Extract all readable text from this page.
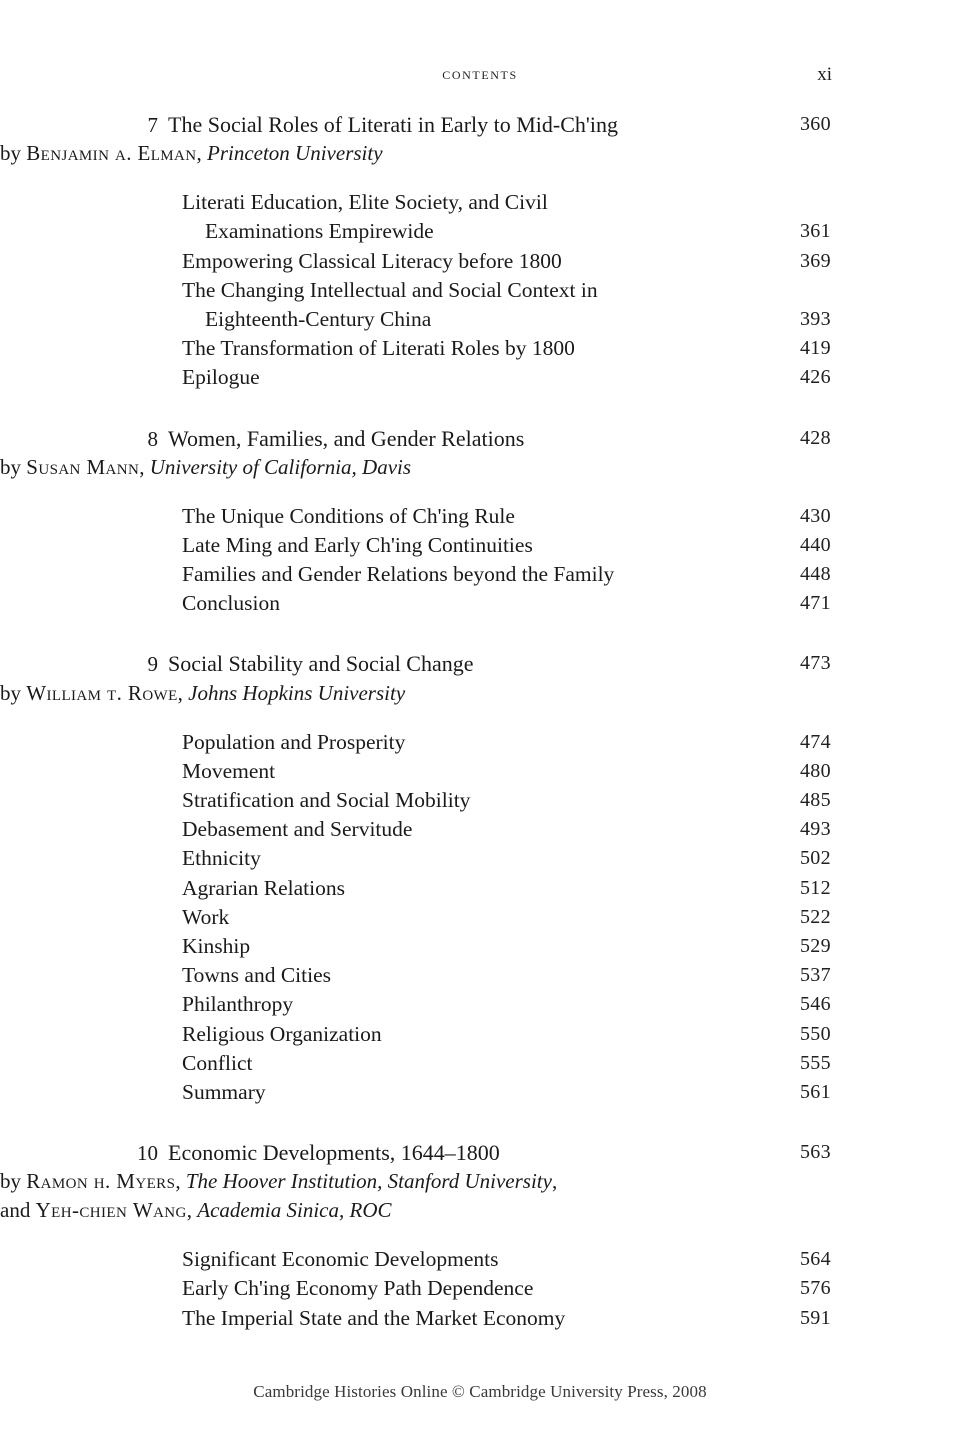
contents	xi
7 The Social Roles of Literati in Early to Mid-Ch'ing	360
by Benjamin a. Elman, Princeton University
Literati Education, Elite Society, and Civil
Examinations Empirewide	361
Empowering Classical Literacy before 1800	369
The Changing Intellectual and Social Context in
Eighteenth-Century China	393
The Transformation of Literati Roles by 1800	419
Epilogue	426
8 Women, Families, and Gender Relations	428
by Susan Mann, University of California, Davis
The Unique Conditions of Ch'ing Rule	430
Late Ming and Early Ch'ing Continuities	440
Families and Gender Relations beyond the Family	448
Conclusion	471
9 Social Stability and Social Change	473
by William t. Rowe, Johns Hopkins University
Population and Prosperity	474
Movement	480
Stratification and Social Mobility	485
Debasement and Servitude	493
Ethnicity	502
Agrarian Relations	512
Work	522
Kinship	529
Towns and Cities	537
Philanthropy	546
Religious Organization	550
Conflict	555
Summary	561
10 Economic Developments, 1644–1800	563
by Ramon h. Myers, The Hoover Institution, Stanford University,
and Yeh-chien Wang, Academia Sinica, ROC
Significant Economic Developments	564
Early Ch'ing Economy Path Dependence	576
The Imperial State and the Market Economy	591
Cambridge Histories Online © Cambridge University Press, 2008
